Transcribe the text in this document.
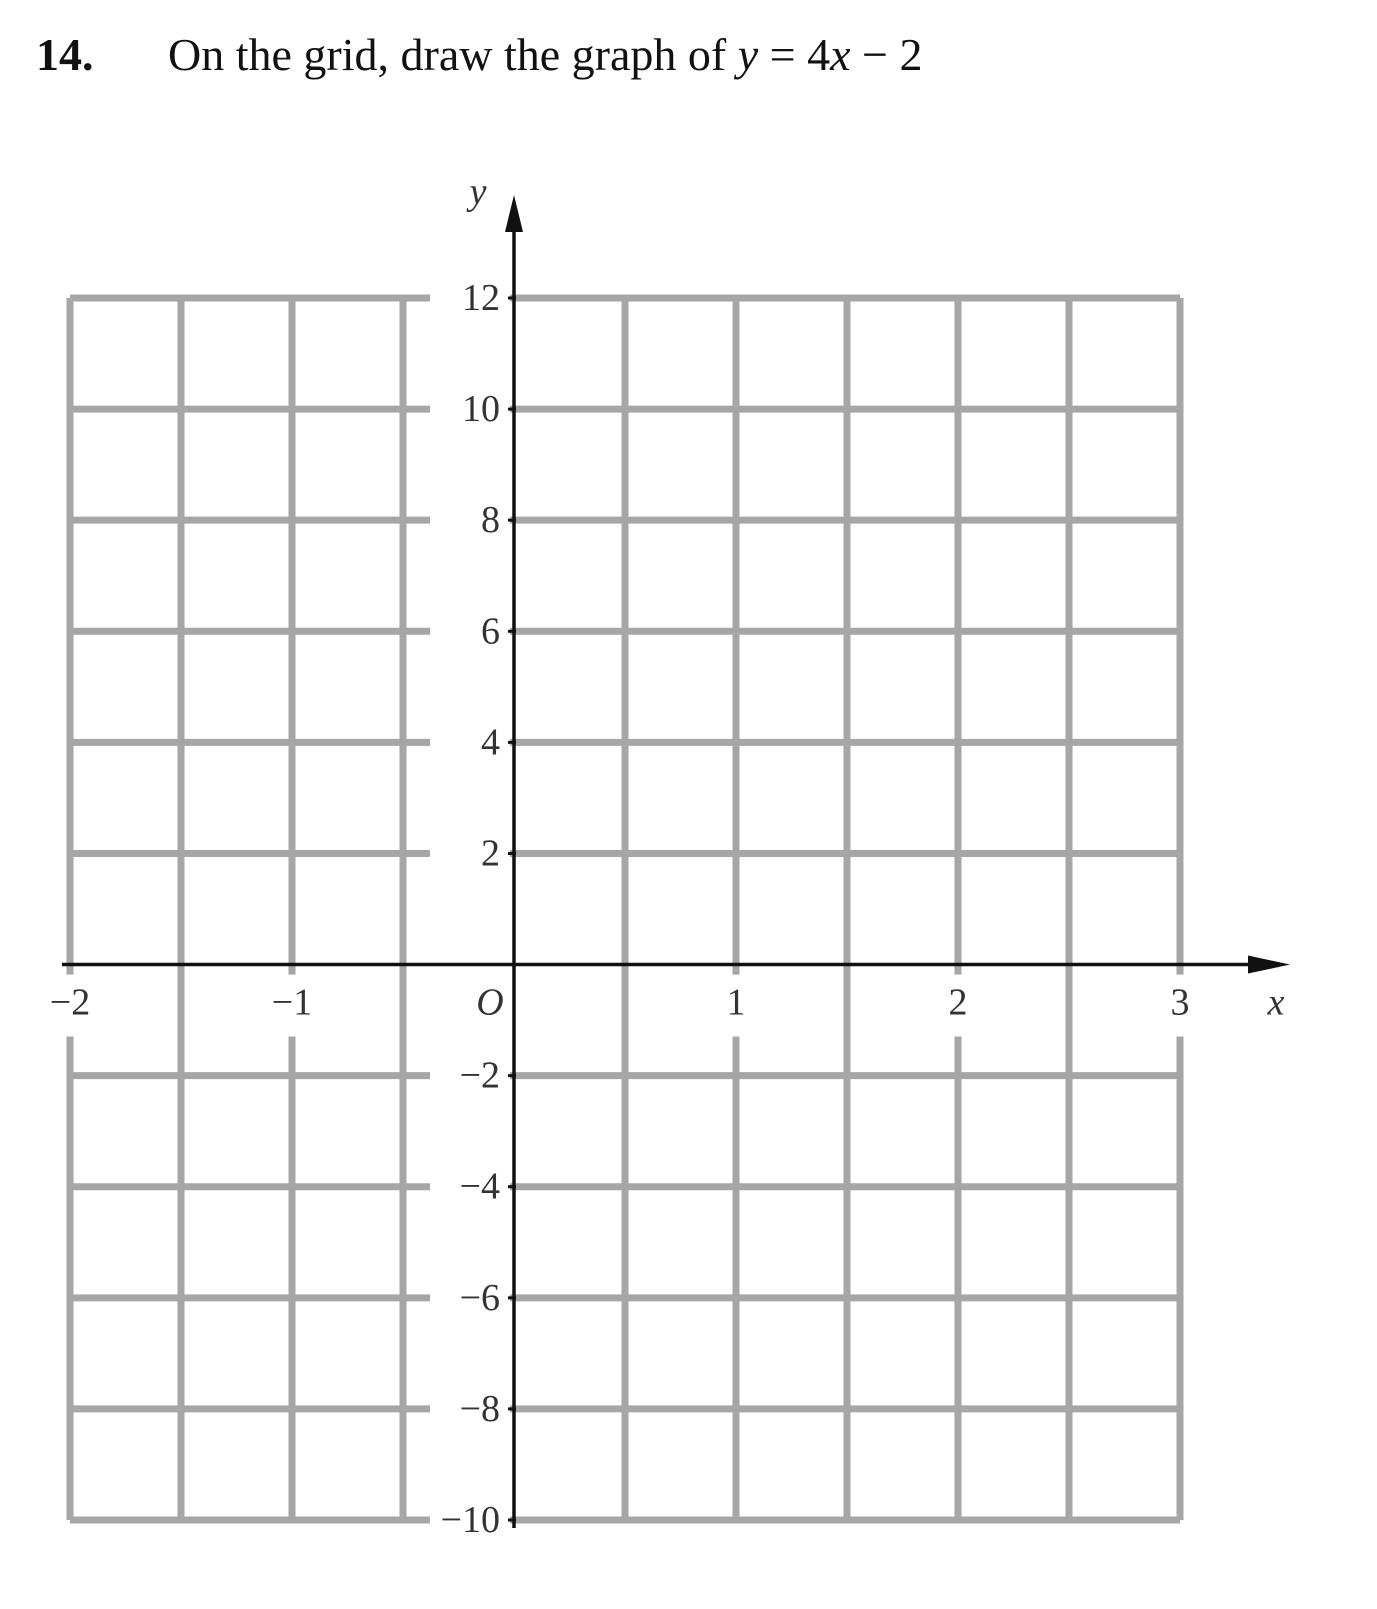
14. On the grid, draw the graph of y = 4x − 2
12
10
8
6
4
2
−2
−4
−6
−8
−10
−2	−1	1	2	3
O	x
y
